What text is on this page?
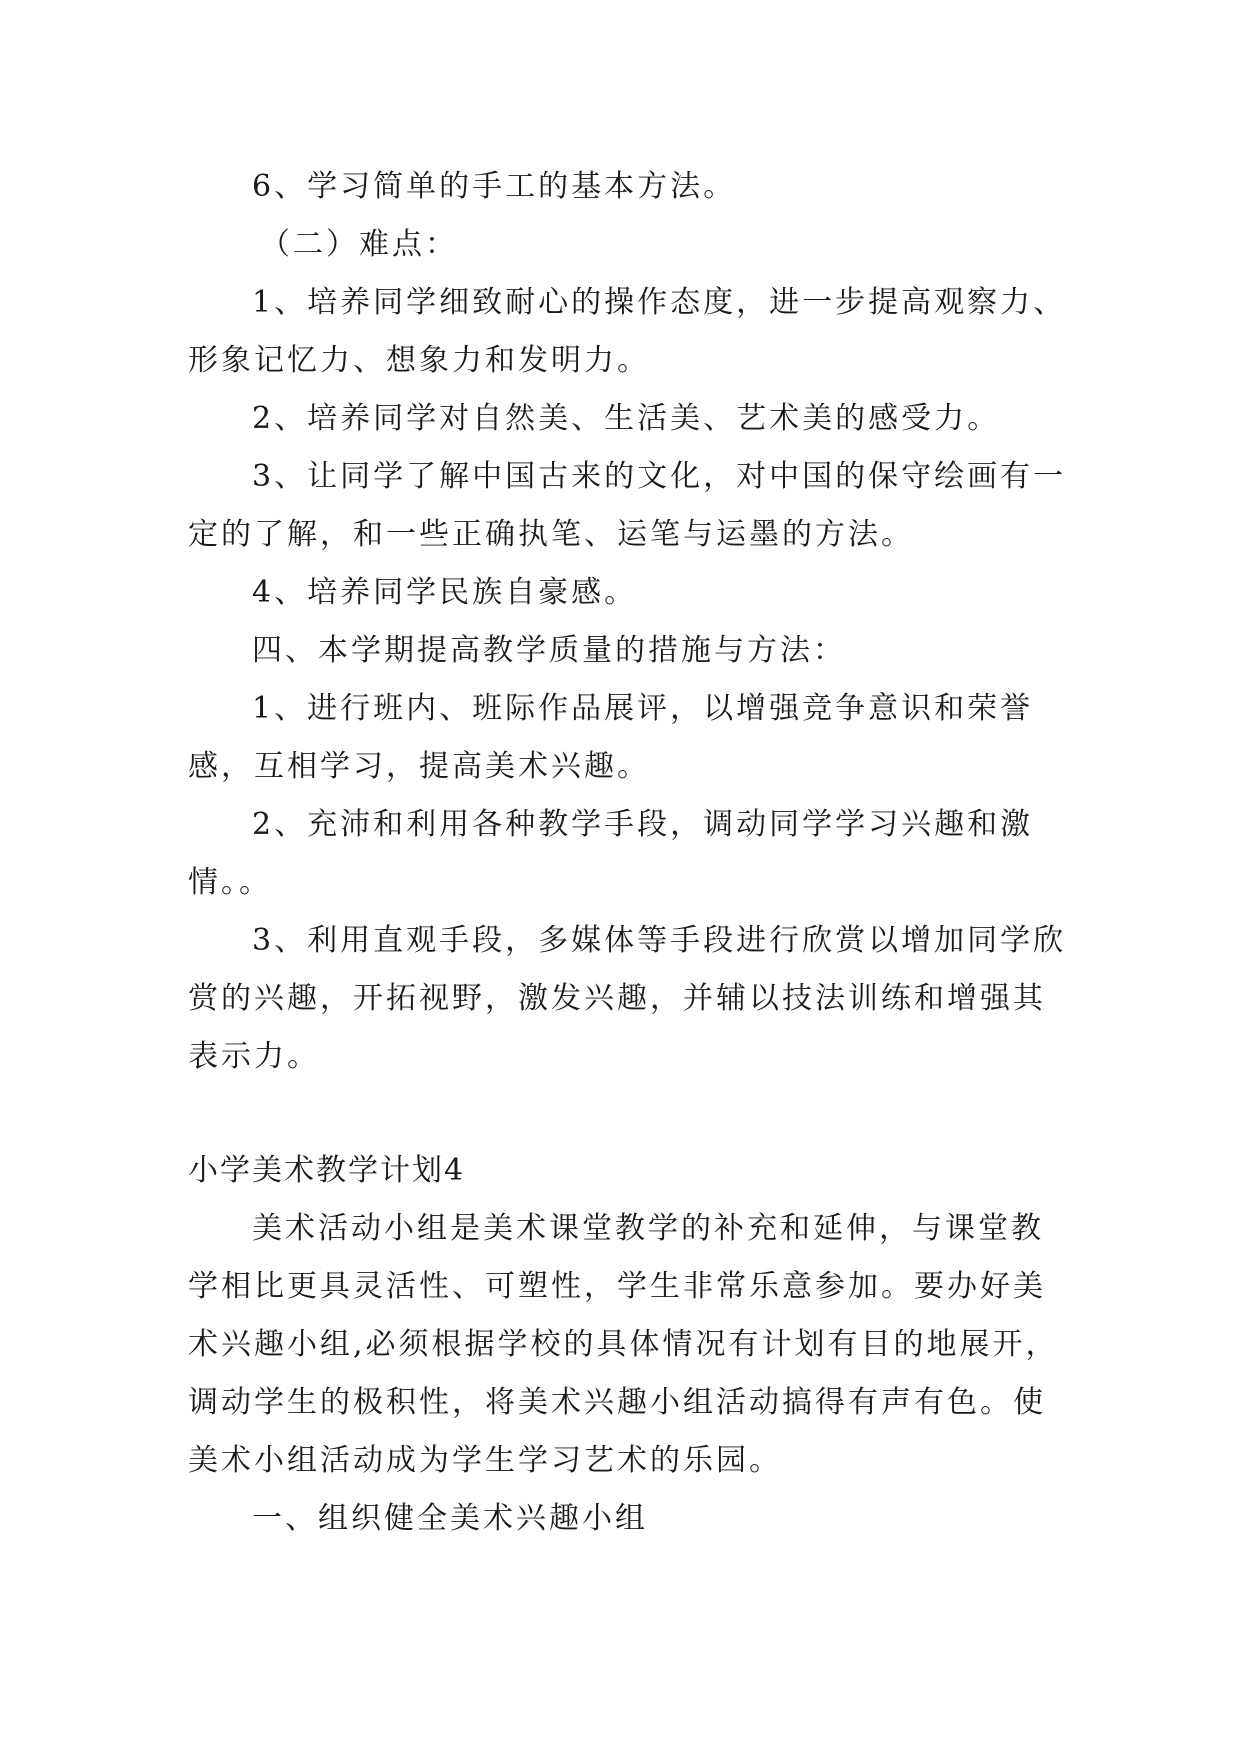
6、学习简单的手工的基本方法。

（二）难点：

1、培养同学细致耐心的操作态度，进一步提高观察力、形象记忆力、想象力和发明力。

2、培养同学对自然美、生活美、艺术美的感受力。

3、让同学了解中国古来的文化，对中国的保守绘画有一定的了解，和一些正确执笔、运笔与运墨的方法。

4、培养同学民族自豪感。

四、本学期提高教学质量的措施与方法：

1、进行班内、班际作品展评，以增强竞争意识和荣誉感，互相学习，提高美术兴趣。

2、充沛和利用各种教学手段，调动同学学习兴趣和激情。。

3、利用直观手段，多媒体等手段进行欣赏以增加同学欣赏的兴趣，开拓视野，激发兴趣，并辅以技法训练和增强其表示力。

小学美术教学计划4

美术活动小组是美术课堂教学的补充和延伸，与课堂教学相比更具灵活性、可塑性，学生非常乐意参加。要办好美术兴趣小组,必须根据学校的具体情况有计划有目的地展开，调动学生的极积性，将美术兴趣小组活动搞得有声有色。使美术小组活动成为学生学习艺术的乐园。

一、组织健全美术兴趣小组
